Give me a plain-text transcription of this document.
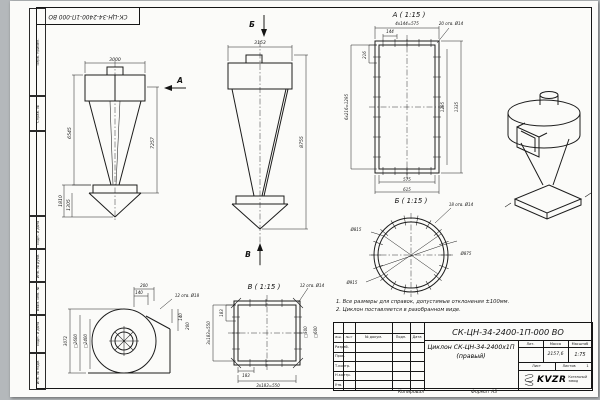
Перв. примен.
Справ. №
Подп. и дата
Инв. № дубл.
Взам. инв. №
Подп. и дата
Инв. № подл.
СК-ЦН-34-2400-1П-000 ВО
3000
6545
7257
1810 1305
А
Б
3153
8755
В
А ( 1:15 )
4х144=575
144
20 отв. Ø14
216
6х216=1295	1295 1335
575
615
Б ( 1:15 )	18 отв. Ø14
Ø815
Ø915
Ø875
В ( 1:15 )	12 отв. Ø14
183
3х183=550
183
3х183=550
□500 □600
200
140
12 отв. Ø18
140
200
3072 □2600 □2400
1. Все размеры для справок, допустимые отклонения ±100мм.
2. Циклон поставляется в разобранном виде.
Изм.	Лист	№ докум.	Подп.	Дата
Разраб.
Пров.
Т.контр.
Н.контр.
Утв.
СК-ЦН-34-2400-1П-000 ВО
Циклон СК-ЦН-34-2400х1П
(правый)
Лит.	Масса	Масштаб
2157,6	1:75
Лист	Листов	1
KVZR Котельный
завод
Копировал	Формат А3
